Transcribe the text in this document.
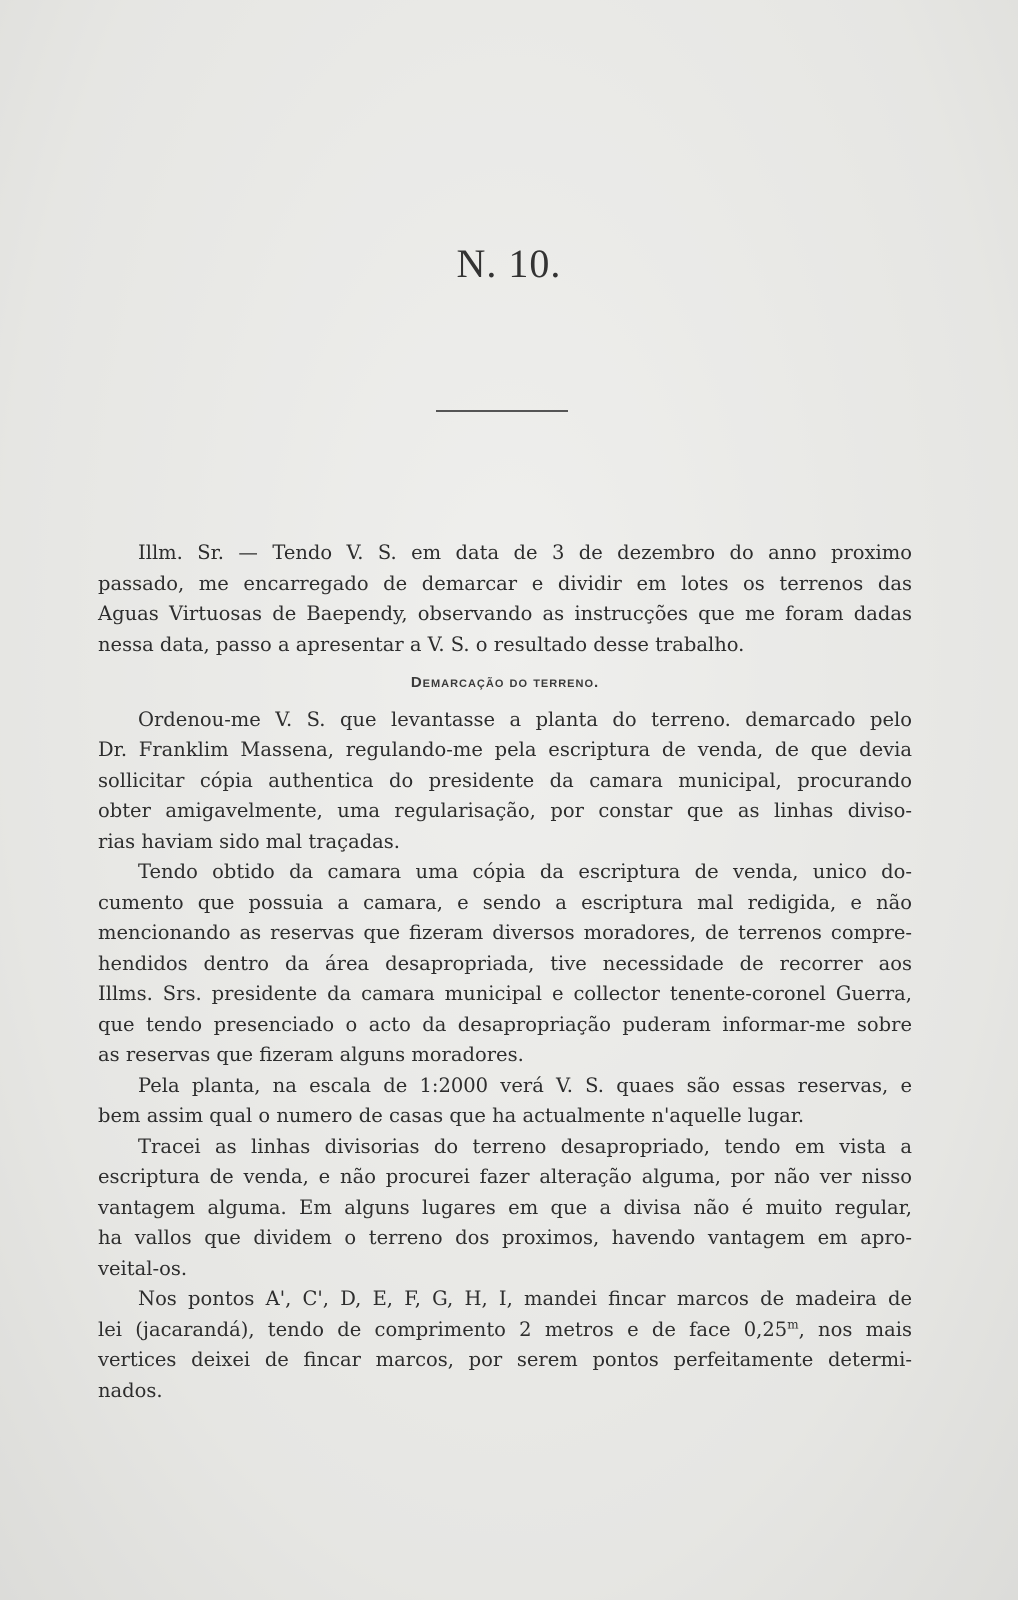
N. 10.
Illm. Sr. — Tendo V. S. em data de 3 de dezembro do anno proximo
passado, me encarregado de demarcar e dividir em lotes os terrenos das
Aguas Virtuosas de Baependy, observando as instrucções que me foram dadas
nessa data, passo a apresentar a V. S. o resultado desse trabalho.
Demarcação do terreno.
Ordenou-me V. S. que levantasse a planta do terreno. demarcado pelo
Dr. Franklim Massena, regulando-me pela escriptura de venda, de que devia
sollicitar cópia authentica do presidente da camara municipal, procurando
obter amigavelmente, uma regularisação, por constar que as linhas diviso-
rias haviam sido mal traçadas.
Tendo obtido da camara uma cópia da escriptura de venda, unico do-
cumento que possuia a camara, e sendo a escriptura mal redigida, e não
mencionando as reservas que fizeram diversos moradores, de terrenos compre-
hendidos dentro da área desapropriada, tive necessidade de recorrer aos
Illms. Srs. presidente da camara municipal e collector tenente-coronel Guerra,
que tendo presenciado o acto da desapropriação puderam informar-me sobre
as reservas que fizeram alguns moradores.
Pela planta, na escala de 1:2000 verá V. S. quaes são essas reservas, e
bem assim qual o numero de casas que ha actualmente n'aquelle lugar.
Tracei as linhas divisorias do terreno desapropriado, tendo em vista a
escriptura de venda, e não procurei fazer alteração alguma, por não ver nisso
vantagem alguma. Em alguns lugares em que a divisa não é muito regular,
ha vallos que dividem o terreno dos proximos, havendo vantagem em apro-
veital-os.
Nos pontos A', C', D, E, F, G, H, I, mandei fincar marcos de madeira de
lei (jacarandá), tendo de comprimento 2 metros e de face 0,25$^m$, nos mais
vertices deixei de fincar marcos, por serem pontos perfeitamente determi-
nados.
